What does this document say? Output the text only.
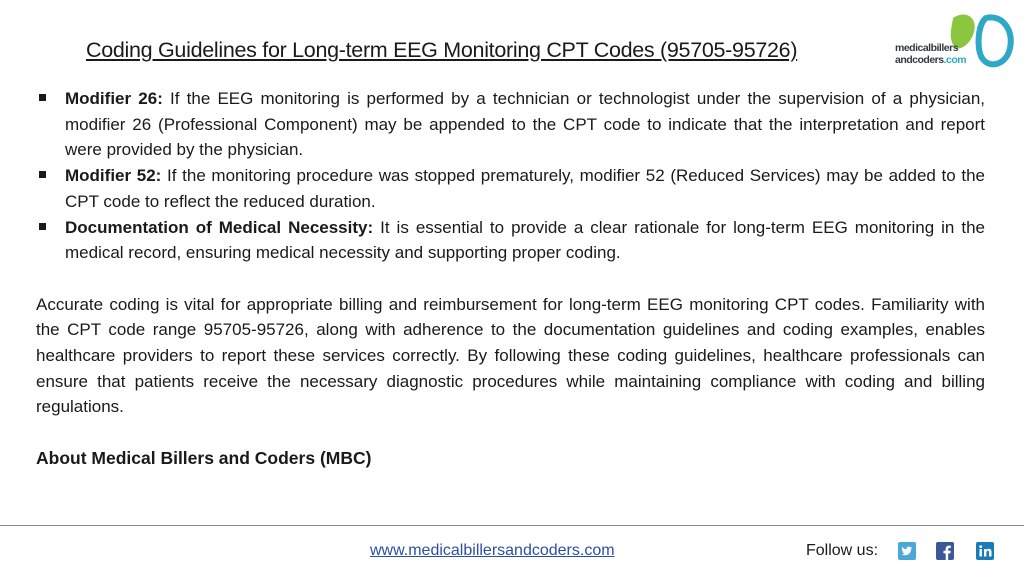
Coding Guidelines for Long-term EEG Monitoring CPT Codes (95705-95726)	medicalbillers
andcoders.com
Modifier 26: If the EEG monitoring is performed by a technician or technologist under the supervision of a physician, modifier 26 (Professional Component) may be appended to the CPT code to indicate that the interpretation and report were provided by the physician.
Modifier 52: If the monitoring procedure was stopped prematurely, modifier 52 (Reduced Services) may be added to the CPT code to reflect the reduced duration.
Documentation of Medical Necessity: It is essential to provide a clear rationale for long-term EEG monitoring in the medical record, ensuring medical necessity and supporting proper coding.

Accurate coding is vital for appropriate billing and reimbursement for long-term EEG monitoring CPT codes. Familiarity with the CPT code range 95705-95726, along with adherence to the documentation guidelines and coding examples, enables healthcare providers to report these services correctly. By following these coding guidelines, healthcare professionals can ensure that patients receive the necessary diagnostic procedures while maintaining compliance with coding and billing regulations.

About Medical Billers and Coders (MBC)

www.medicalbillersandcoders.com	Follow us:
